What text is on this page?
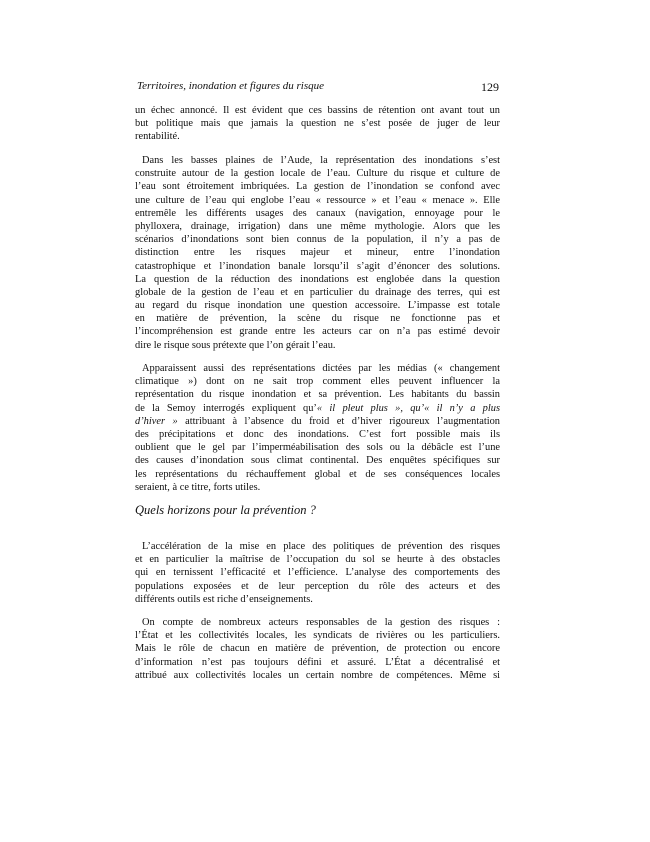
Territoires, inondation et figures du risque	129
un échec annoncé. Il est évident que ces bassins de rétention ont avant tout un
but politique mais que jamais la question ne s’est posée de juger de leur
rentabilité.
Dans les basses plaines de l’Aude, la représentation des inondations s’est
construite autour de la gestion locale de l’eau. Culture du risque et culture de
l’eau sont étroitement imbriquées. La gestion de l’inondation se confond avec
une culture de l’eau qui englobe l’eau « ressource » et l’eau « menace ». Elle
entremêle les différents usages des canaux (navigation, ennoyage pour le
phylloxera, drainage, irrigation) dans une même mythologie. Alors que les
scénarios d’inondations sont bien connus de la population, il n’y a pas de
distinction entre les risques majeur et mineur, entre l’inondation
catastrophique et l’inondation banale lorsqu’il s’agit d’énoncer des solutions.
La question de la réduction des inondations est englobée dans la question
globale de la gestion de l’eau et en particulier du drainage des terres, qui est
au regard du risque inondation une question accessoire. L’impasse est totale
en matière de prévention, la scène du risque ne fonctionne pas et
l’incompréhension est grande entre les acteurs car on n’a pas estimé devoir
dire le risque sous prétexte que l’on gérait l’eau.
Apparaissent aussi des représentations dictées par les médias (« changement
climatique ») dont on ne sait trop comment elles peuvent influencer la
représentation du risque inondation et sa prévention. Les habitants du bassin
de la Semoy interrogés expliquent qu’« il pleut plus », qu’« il n’y a plus
d’hiver » attribuant à l’absence du froid et d’hiver rigoureux l’augmentation
des précipitations et donc des inondations. C’est fort possible mais ils
oublient que le gel par l’imperméabilisation des sols ou la débâcle est l’une
des causes d’inondation sous climat continental. Des enquêtes spécifiques sur
les représentations du réchauffement global et de ses conséquences locales
seraient, à ce titre, forts utiles.
Quels horizons pour la prévention ?
L’accélération de la mise en place des politiques de prévention des risques
et en particulier la maîtrise de l’occupation du sol se heurte à des obstacles
qui en ternissent l’efficacité et l’efficience. L’analyse des comportements des
populations exposées et de leur perception du rôle des acteurs et des
différents outils est riche d’enseignements.
On compte de nombreux acteurs responsables de la gestion des risques :
l’État et les collectivités locales, les syndicats de rivières ou les particuliers.
Mais le rôle de chacun en matière de prévention, de protection ou encore
d’information n’est pas toujours défini et assuré. L’État a décentralisé et
attribué aux collectivités locales un certain nombre de compétences. Même si
